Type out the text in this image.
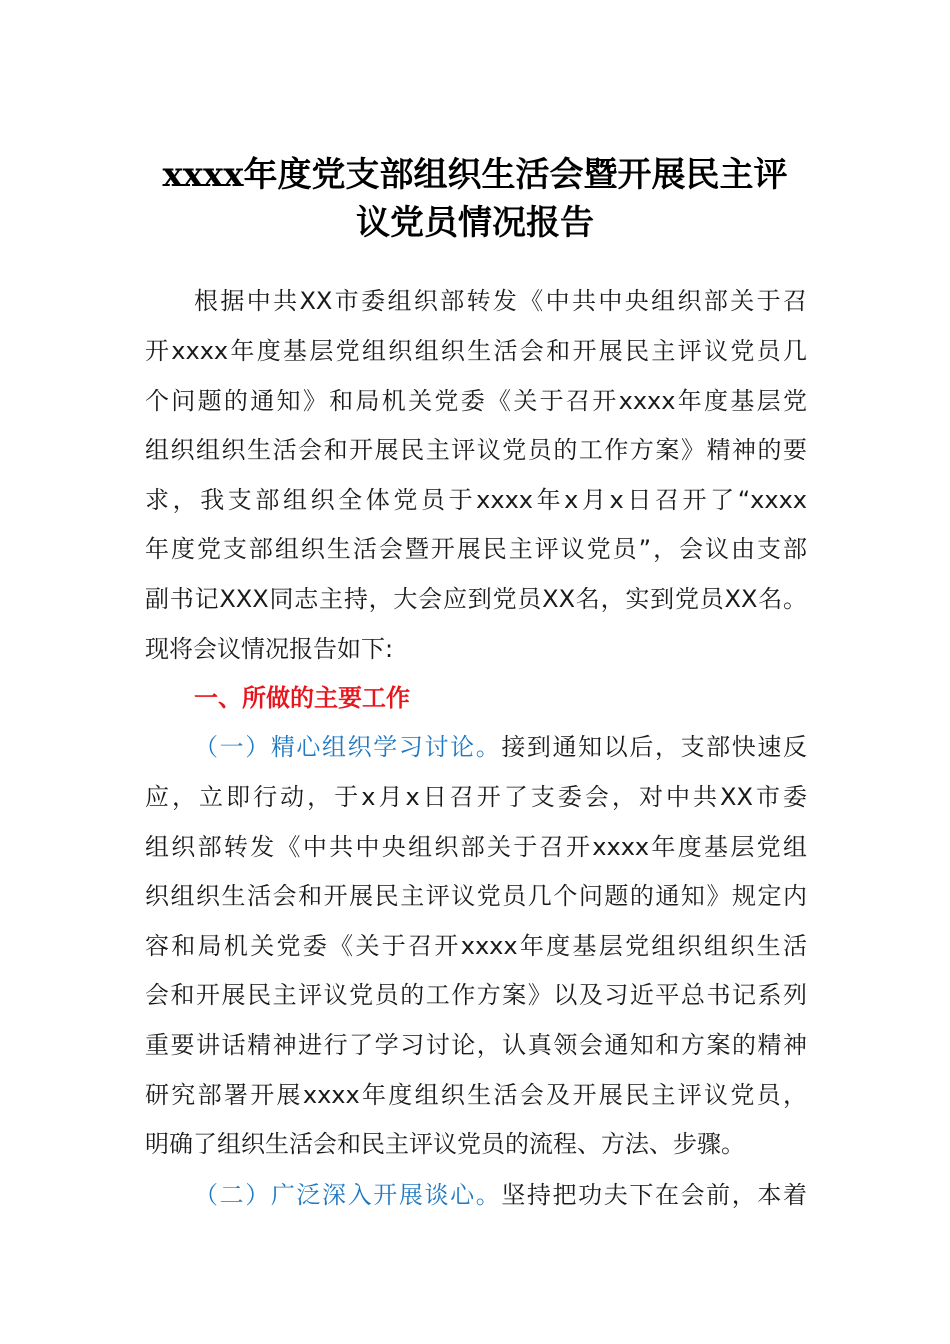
xxxx年度党支部组织生活会暨开展民主评
议党员情况报告

根据中共XX市委组织部转发《中共中央组织部关于召

开xxxx年度基层党组织组织生活会和开展民主评议党员几

个问题的通知》和局机关党委《关于召开xxxx年度基层党

组织组织生活会和开展民主评议党员的工作方案》精神的要

求，我支部组织全体党员于xxxx年x月x日召开了“xxxx

年度党支部组织生活会暨开展民主评议党员”，会议由支部

副书记XXX同志主持，大会应到党员XX名，实到党员XX名。

现将会议情况报告如下:

一、所做的主要工作

（一）精心组织学习讨论。接到通知以后，支部快速反

应，立即行动，于x月x日召开了支委会，对中共XX市委

组织部转发《中共中央组织部关于召开xxxx年度基层党组

织组织生活会和开展民主评议党员几个问题的通知》规定内

容和局机关党委《关于召开xxxx年度基层党组织组织生活

会和开展民主评议党员的工作方案》以及习近平总书记系列

重要讲话精神进行了学习讨论，认真领会通知和方案的精神

研究部署开展xxxx年度组织生活会及开展民主评议党员，

明确了组织生活会和民主评议党员的流程、方法、步骤。

（二）广泛深入开展谈心。坚持把功夫下在会前，本着
